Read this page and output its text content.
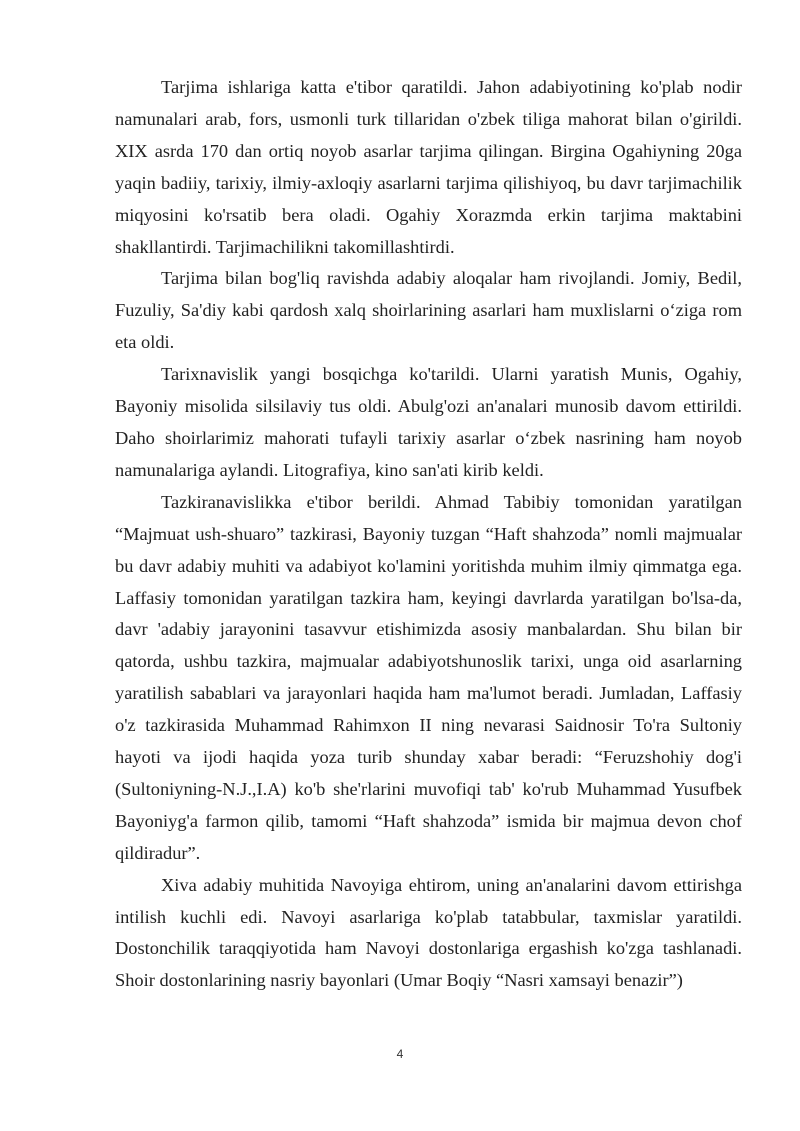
Tarjima ishlariga katta e'tibor qaratildi. Jahon adabiyotining ko'plab nodir namunalari arab, fors, usmonli turk tillaridan o'zbek tiliga mahorat bilan o'girildi. XIX asrda 170 dan ortiq noyob asarlar tarjima qilingan. Birgina Ogahiyning 20ga yaqin badiiy, tarixiy, ilmiy-axloqiy asarlarni tarjima qilishiyoq, bu davr tarjimachilik miqyosini ko'rsatib bera oladi. Ogahiy Xorazmda erkin tarjima maktabini shakllantirdi. Tarjimachilikni takomillashtirdi.

Tarjima bilan bog'liq ravishda adabiy aloqalar ham rivojlandi. Jomiy, Bedil, Fuzuliy, Sa'diy kabi qardosh xalq shoirlarining asarlari ham muxlislarni o‘ziga rom eta oldi.

Tarixnavislik yangi bosqichga ko'tarildi. Ularni yaratish Munis, Ogahiy, Bayoniy misolida silsilaviy tus oldi. Abulg'ozi an'analari munosib davom ettirildi. Daho shoirlarimiz mahorati tufayli tarixiy asarlar o‘zbek nasrining ham noyob namunalariga aylandi. Litografiya, kino san'ati kirib keldi.

Tazkiranavislikka e'tibor berildi. Ahmad Tabibiy tomonidan yaratilgan “Majmuat ush-shuaro” tazkirasi, Bayoniy tuzgan “Haft shahzoda” nomli majmualar bu davr adabiy muhiti va adabiyot ko'lamini yoritishda muhim ilmiy qimmatga ega. Laffasiy tomonidan yaratilgan tazkira ham, keyingi davrlarda yaratilgan bo'lsa-da, davr 'adabiy jarayonini tasavvur etishimizda asosiy manbalardan. Shu bilan bir qatorda, ushbu tazkira, majmualar adabiyotshunoslik tarixi, unga oid asarlarning yaratilish sabablari va jarayonlari haqida ham ma'lumot beradi. Jumladan, Laffasiy o'z tazkirasida Muhammad Rahimxon II ning nevarasi Saidnosir To'ra Sultoniy hayoti va ijodi haqida yoza turib shunday xabar beradi: “Feruzshohiy dog'i (Sultoniyning-N.J.,I.A) ko'b she'rlarini muvofiqi tab' ko'rub Muhammad Yusufbek Bayoniyg'a farmon qilib, tamomi “Haft shahzoda” ismida bir majmua devon chof qildiradur”.

Xiva adabiy muhitida Navoyiga ehtirom, uning an'analarini davom ettirishga intilish kuchli edi. Navoyi asarlariga ko'plab tatabbular, taxmislar yaratildi. Dostonchilik taraqqiyotida ham Navoyi dostonlariga ergashish ko'zga tashlanadi. Shoir dostonlarining nasriy bayonlari (Umar Boqiy “Nasri xamsayi benazir”)

4
